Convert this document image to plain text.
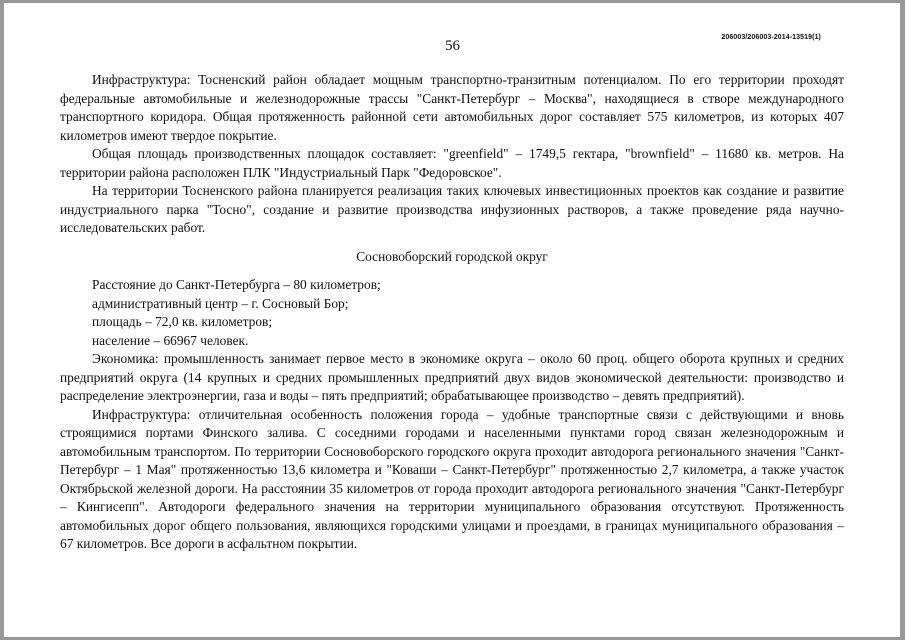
56
206003/206003-2014-13519(1)

Инфраструктура: Тосненский район обладает мощным транспортно-транзитным потенциалом. По его территории проходят федеральные автомобильные и железнодорожные трассы "Санкт-Петербург – Москва", находящиеся в створе международного транспортного коридора. Общая протяженность районной сети автомобильных дорог составляет 575 километров, из которых 407 километров имеют твердое покрытие.

Общая площадь производственных площадок составляет: "greenfield" – 1749,5 гектара, "brownfield" – 11680 кв. метров. На территории района расположен ПЛК "Индустриальный Парк "Федоровское".

На территории Тосненского района планируется реализация таких ключевых инвестиционных проектов как создание и развитие индустриального парка "Тосно", создание и развитие производства инфузионных растворов, а также проведение ряда научно-исследовательских работ.

Сосновоборский городской округ

Расстояние до Санкт-Петербурга – 80 километров;

административный центр – г. Сосновый Бор;

площадь – 72,0 кв. километров;

население – 66967 человек.

Экономика: промышленность занимает первое место в экономике округа – около 60 проц. общего оборота крупных и средних предприятий округа (14 крупных и средних промышленных предприятий двух видов экономической деятельности: производство и распределение электроэнергии, газа и воды – пять предприятий; обрабатывающее производство – девять предприятий).

Инфраструктура: отличительная особенность положения города – удобные транспортные связи с действующими и вновь строящимися портами Финского залива. С соседними городами и населенными пунктами город связан железнодорожным и автомобильным транспортом. По территории Сосновоборского городского округа проходит автодорога регионального значения "Санкт-Петербург – 1 Мая" протяженностью 13,6 километра и "Коваши – Санкт-Петербург" протяженностью 2,7 километра, а также участок Октябрьской железной дороги. На расстоянии 35 километров от города проходит автодорога регионального значения "Санкт-Петербург – Кингисепп". Автодороги федерального значения на территории муниципального образования отсутствуют. Протяженность автомобильных дорог общего пользования, являющихся городскими улицами и проездами, в границах муниципального образования – 67 километров. Все дороги в асфальтном покрытии.
